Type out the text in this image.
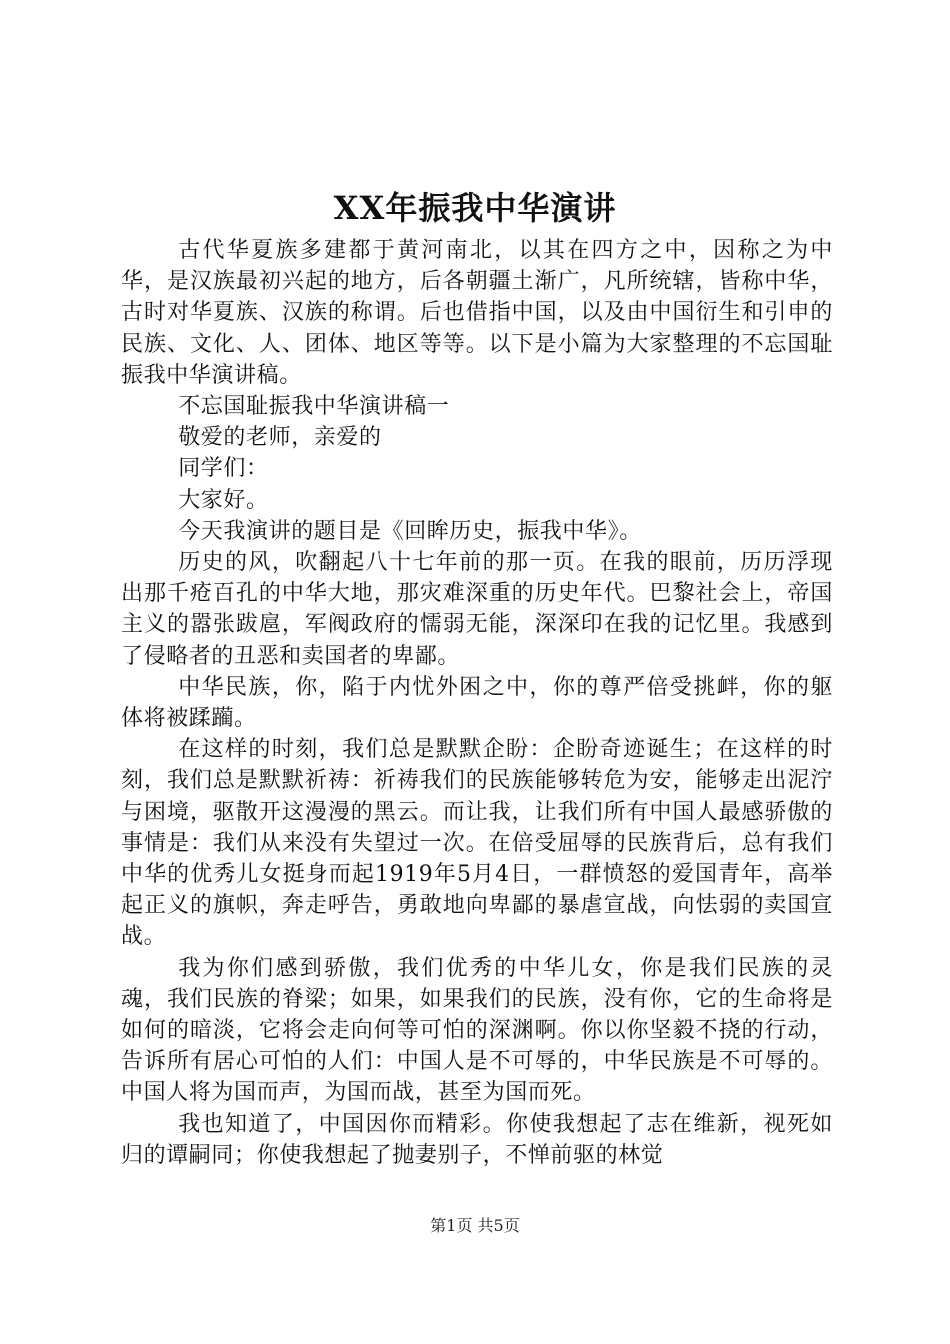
XX年振我中华演讲

古代华夏族多建都于黄河南北，以其在四方之中，因称之为中华，是汉族最初兴起的地方，后各朝疆土渐广，凡所统辖，皆称中华，古时对华夏族、汉族的称谓。后也借指中国，以及由中国衍生和引申的民族、文化、人、团体、地区等等。以下是小篇为大家整理的不忘国耻振我中华演讲稿。

不忘国耻振我中华演讲稿一

敬爱的老师，亲爱的

同学们：

大家好。

今天我演讲的题目是《回眸历史，振我中华》。

历史的风，吹翻起八十七年前的那一页。在我的眼前，历历浮现出那千疮百孔的中华大地，那灾难深重的历史年代。巴黎社会上，帝国主义的嚣张跋扈，军阀政府的懦弱无能，深深印在我的记忆里。我感到了侵略者的丑恶和卖国者的卑鄙。

中华民族，你，陷于内忧外困之中，你的尊严倍受挑衅，你的躯体将被蹂躏。

在这样的时刻，我们总是默默企盼：企盼奇迹诞生；在这样的时刻，我们总是默默祈祷：祈祷我们的民族能够转危为安，能够走出泥泞与困境，驱散开这漫漫的黑云。而让我，让我们所有中国人最感骄傲的事情是：我们从来没有失望过一次。在倍受屈辱的民族背后，总有我们中华的优秀儿女挺身而起1919年5月4日，一群愤怒的爱国青年，高举起正义的旗帜，奔走呼告，勇敢地向卑鄙的暴虐宣战，向怯弱的卖国宣战。

我为你们感到骄傲，我们优秀的中华儿女，你是我们民族的灵魂，我们民族的脊梁；如果，如果我们的民族，没有你，它的生命将是如何的暗淡，它将会走向何等可怕的深渊啊。你以你坚毅不挠的行动，告诉所有居心可怕的人们：中国人是不可辱的，中华民族是不可辱的。中国人将为国而声，为国而战，甚至为国而死。

我也知道了，中国因你而精彩。你使我想起了志在维新，视死如归的谭嗣同；你使我想起了抛妻别子，不惮前驱的林觉

第1页 共5页
